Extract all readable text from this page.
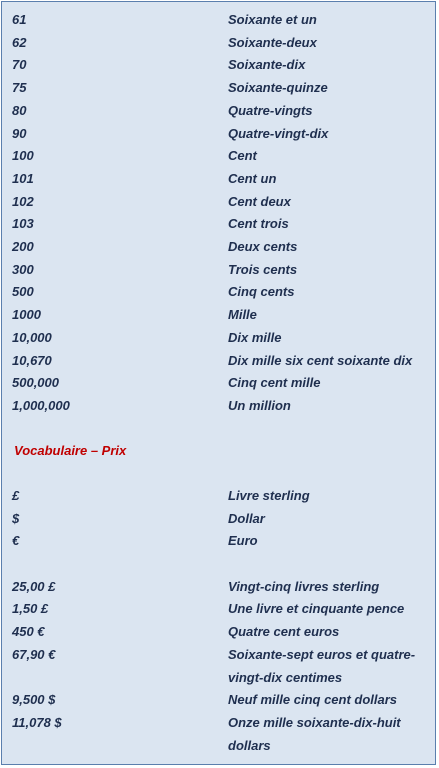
61	Soixante et un
62	Soixante-deux
70	Soixante-dix
75	Soixante-quinze
80	Quatre-vingts
90	Quatre-vingt-dix
100	Cent
101	Cent un
102	Cent deux
103	Cent trois
200	Deux cents
300	Trois cents
500	Cinq cents
1000	Mille
10,000	Dix mille
10,670	Dix mille six cent soixante dix
500,000	Cinq cent mille
1,000,000	Un million
Vocabulaire – Prix
£	Livre sterling
$	Dollar
€	Euro
25,00 £	Vingt-cinq livres sterling
1,50 £	Une livre et cinquante pence
450 €	Quatre cent euros
67,90 €	Soixante-sept euros et quatre-vingt-dix centimes
9,500 $	Neuf mille cinq cent dollars
11,078 $	Onze mille soixante-dix-huit dollars
